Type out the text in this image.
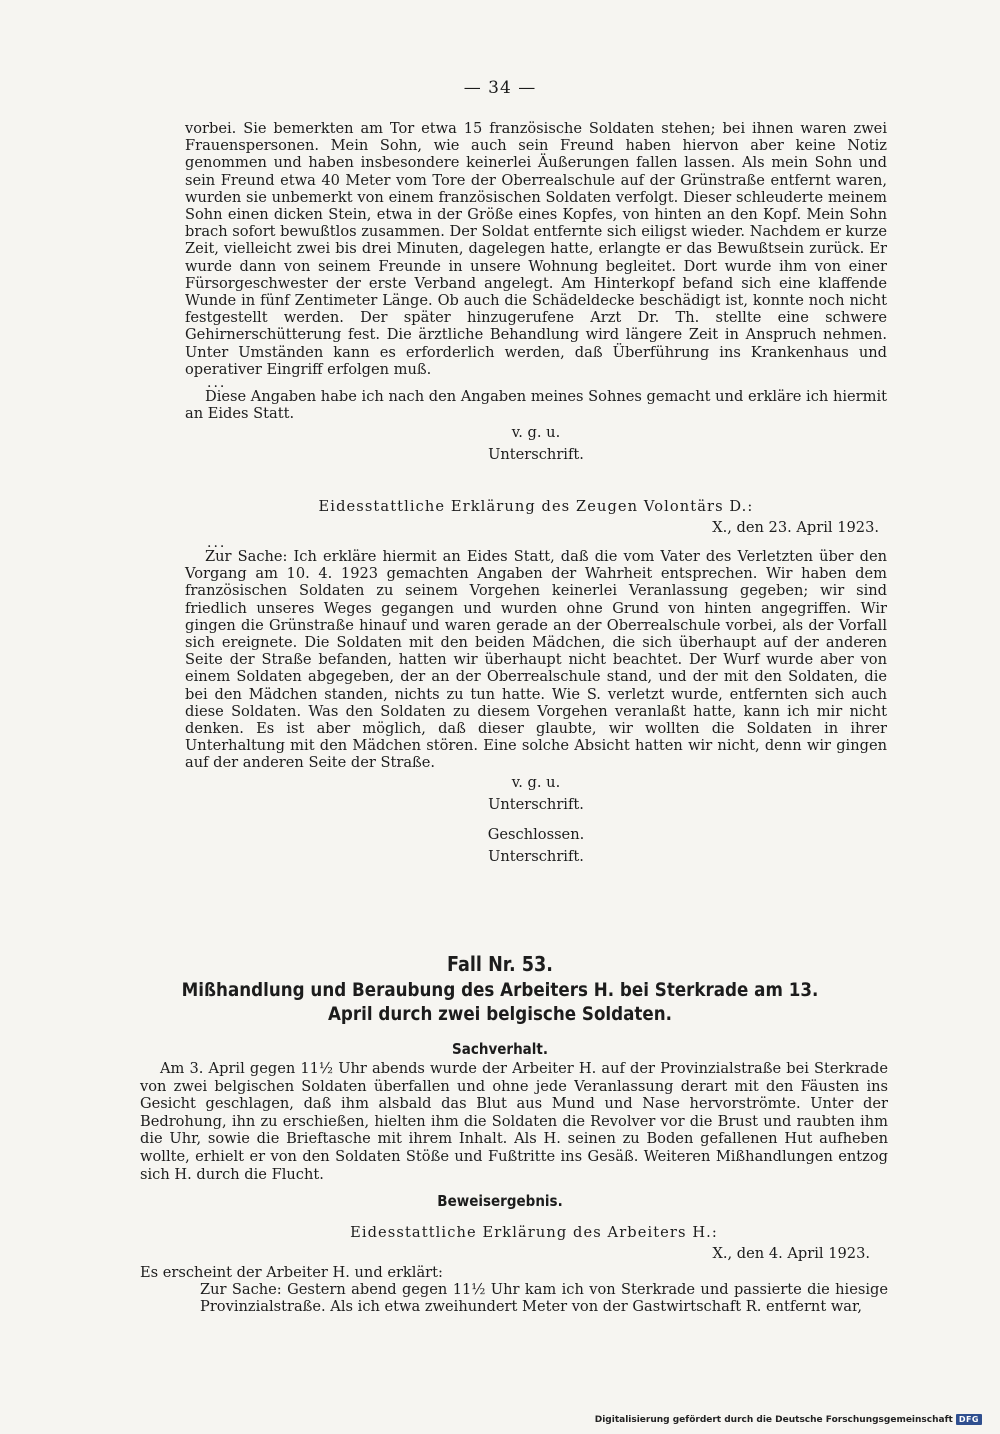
— 34 —

vorbei. Sie bemerkten am Tor etwa 15 französische Soldaten stehen; bei ihnen waren zwei Frauenspersonen. Mein Sohn, wie auch sein Freund haben hiervon aber keine Notiz genommen und haben insbesondere keinerlei Äußerungen fallen lassen. Als mein Sohn und sein Freund etwa 40 Meter vom Tore der Oberrealschule auf der Grünstraße entfernt waren, wurden sie unbemerkt von einem französischen Soldaten verfolgt. Dieser schleuderte meinem Sohn einen dicken Stein, etwa in der Größe eines Kopfes, von hinten an den Kopf. Mein Sohn brach sofort bewußtlos zusammen. Der Soldat entfernte sich eiligst wieder. Nachdem er kurze Zeit, vielleicht zwei bis drei Minuten, dagelegen hatte, erlangte er das Bewußtsein zurück. Er wurde dann von seinem Freunde in unsere Wohnung begleitet. Dort wurde ihm von einer Fürsorgeschwester der erste Verband angelegt. Am Hinterkopf befand sich eine klaffende Wunde in fünf Zentimeter Länge. Ob auch die Schädeldecke beschädigt ist, konnte noch nicht festgestellt werden. Der später hinzugerufene Arzt Dr. Th. stellte eine schwere Gehirnerschütterung fest. Die ärztliche Behandlung wird längere Zeit in Anspruch nehmen. Unter Umständen kann es erforderlich werden, daß Überführung ins Krankenhaus und operativer Eingriff erfolgen muß.

...

Diese Angaben habe ich nach den Angaben meines Sohnes gemacht und erkläre ich hiermit an Eides Statt.

v. g. u.
Unterschrift.
Eidesstattliche Erklärung des Zeugen Volontärs D.:
X., den 23. April 1923.

...

Zur Sache: Ich erkläre hiermit an Eides Statt, daß die vom Vater des Verletzten über den Vorgang am 10. 4. 1923 gemachten Angaben der Wahrheit entsprechen. Wir haben dem französischen Soldaten zu seinem Vorgehen keinerlei Veranlassung gegeben; wir sind friedlich unseres Weges gegangen und wurden ohne Grund von hinten angegriffen. Wir gingen die Grünstraße hinauf und waren gerade an der Oberrealschule vorbei, als der Vorfall sich ereignete. Die Soldaten mit den beiden Mädchen, die sich überhaupt auf der anderen Seite der Straße befanden, hatten wir überhaupt nicht beachtet. Der Wurf wurde aber von einem Soldaten abgegeben, der an der Oberrealschule stand, und der mit den Soldaten, die bei den Mädchen standen, nichts zu tun hatte. Wie S. verletzt wurde, entfernten sich auch diese Soldaten. Was den Soldaten zu diesem Vorgehen veranlaßt hatte, kann ich mir nicht denken. Es ist aber möglich, daß dieser glaubte, wir wollten die Soldaten in ihrer Unterhaltung mit den Mädchen stören. Eine solche Absicht hatten wir nicht, denn wir gingen auf der anderen Seite der Straße.

v. g. u.
Unterschrift.
Geschlossen.
Unterschrift.
Fall Nr. 53.
Mißhandlung und Beraubung des Arbeiters H. bei Sterkrade am 13. April durch zwei belgische Soldaten.
Sachverhalt.

Am 3. April gegen 11½ Uhr abends wurde der Arbeiter H. auf der Provinzialstraße bei Sterkrade von zwei belgischen Soldaten überfallen und ohne jede Veranlassung derart mit den Fäusten ins Gesicht geschlagen, daß ihm alsbald das Blut aus Mund und Nase hervorströmte. Unter der Bedrohung, ihn zu erschießen, hielten ihm die Soldaten die Revolver vor die Brust und raubten ihm die Uhr, sowie die Brieftasche mit ihrem Inhalt. Als H. seinen zu Boden gefallenen Hut aufheben wollte, erhielt er von den Soldaten Stöße und Fußtritte ins Gesäß. Weiteren Mißhandlungen entzog sich H. durch die Flucht.

Beweisergebnis.
Eidesstattliche Erklärung des Arbeiters H.:
X., den 4. April 1923.

Es erscheint der Arbeiter H. und erklärt:

Zur Sache: Gestern abend gegen 11½ Uhr kam ich von Sterkrade und passierte die hiesige Provinzialstraße. Als ich etwa zweihundert Meter von der Gastwirtschaft R. entfernt war,

Digitalisierung gefördert durch die Deutsche Forschungsgemeinschaft DFG
